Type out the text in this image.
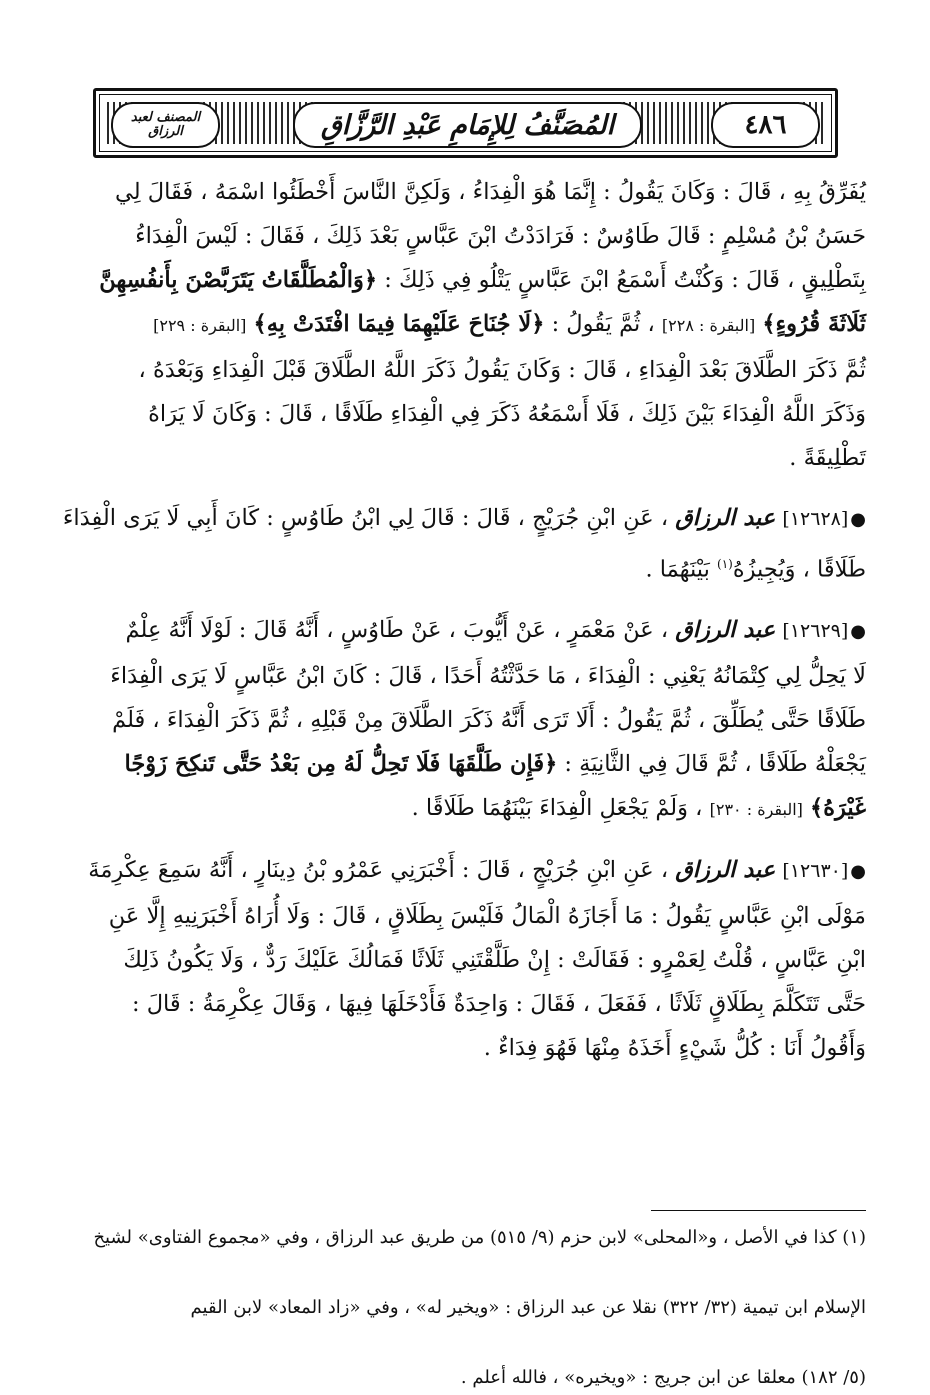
المصنف لعبد الرزاق	المُصَنَّفُ لِلإِمَامِ عَبْدِ الرَّزَّاقِ	٤٨٦
يُفَرِّقُ بِهِ ، قَالَ : وَكَانَ يَقُولُ : إِنَّمَا هُوَ الْفِدَاءُ ، وَلَكِنَّ النَّاسَ أَخْطَئُوا اسْمَهُ ، فَقَالَ لِي
حَسَنُ بْنُ مُسْلِمٍ : قَالَ طَاوُسٌ : فَرَادَدْتُ ابْنَ عَبَّاسٍ بَعْدَ ذَلِكَ ، فَقَالَ : لَيْسَ الْفِدَاءُ
بِتَطْلِيقٍ ، قَالَ : وَكُنْتُ أَسْمَعُ ابْنَ عَبَّاسٍ يَتْلُو فِي ذَلِكَ : ﴿وَالْمُطَلَّقَاتُ يَتَرَبَّصْنَ بِأَنفُسِهِنَّ
ثَلَاثَةَ قُرُوءٍ﴾ [البقرة : ٢٢٨] ، ثُمَّ يَقُولُ : ﴿لَا جُنَاحَ عَلَيْهِمَا فِيمَا افْتَدَتْ بِهِ﴾ [البقرة : ٢٢٩]
ثُمَّ ذَكَرَ الطَّلَاقَ بَعْدَ الْفِدَاءِ ، قَالَ : وَكَانَ يَقُولُ ذَكَرَ اللَّهُ الطَّلَاقَ قَبْلَ الْفِدَاءِ وَبَعْدَهُ ،
وَذَكَرَ اللَّهُ الْفِدَاءَ بَيْنَ ذَلِكَ ، فَلَا أَسْمَعُهُ ذَكَرَ فِي الْفِدَاءِ طَلَاقًا ، قَالَ : وَكَانَ لَا يَرَاهُ
تَطْلِيقَةً .
●[١٢٦٢٨] عبد الرزاق ، عَنِ ابْنِ جُرَيْجٍ ، قَالَ : قَالَ لِي ابْنُ طَاوُسٍ : كَانَ أَبِي لَا يَرَى الْفِدَاءَ
طَلَاقًا ، وَيُجِيزُهُ$^{(١)}$ بَيْنَهُمَا .
●[١٢٦٢٩] عبد الرزاق ، عَنْ مَعْمَرٍ ، عَنْ أَيُّوبَ ، عَنْ طَاوُسٍ ، أَنَّهُ قَالَ : لَوْلَا أَنَّهُ عِلْمٌ
لَا يَحِلُّ لِي كِتْمَانُهُ يَعْنِي : الْفِدَاءَ ، مَا حَدَّثْتُهُ أَحَدًا ، قَالَ : كَانَ ابْنُ عَبَّاسٍ لَا يَرَى الْفِدَاءَ
طَلَاقًا حَتَّى يُطَلِّقَ ، ثُمَّ يَقُولُ : أَلَا تَرَى أَنَّهُ ذَكَرَ الطَّلَاقَ مِنْ قَبْلِهِ ، ثُمَّ ذَكَرَ الْفِدَاءَ ، فَلَمْ
يَجْعَلْهُ طَلَاقًا ، ثُمَّ قَالَ فِي الثَّانِيَةِ : ﴿فَإِن طَلَّقَهَا فَلَا تَحِلُّ لَهُ مِن بَعْدُ حَتَّى تَنكِحَ زَوْجًا
غَيْرَهُ﴾ [البقرة : ٢٣٠] ، وَلَمْ يَجْعَلِ الْفِدَاءَ بَيْنَهُمَا طَلَاقًا .
●[١٢٦٣٠] عبد الرزاق ، عَنِ ابْنِ جُرَيْجٍ ، قَالَ : أَخْبَرَنِي عَمْرُو بْنُ دِينَارٍ ، أَنَّهُ سَمِعَ عِكْرِمَةَ
مَوْلَى ابْنِ عَبَّاسٍ يَقُولُ : مَا أَجَازَهُ الْمَالُ فَلَيْسَ بِطَلَاقٍ ، قَالَ : وَلَا أُرَاهُ أَخْبَرَنِيهِ إِلَّا عَنِ
ابْنِ عَبَّاسٍ ، قُلْتُ لِعَمْرٍو : فَقَالَتْ : إِنْ طَلَّقْتَنِي ثَلَاثًا فَمَالُكَ عَلَيْكَ رَدٌّ ، وَلَا يَكُونُ ذَلِكَ
حَتَّى تَتَكَلَّمَ بِطَلَاقٍ ثَلَاثًا ، فَفَعَلَ ، فَقَالَ : وَاحِدَةٌ فَأَدْخَلَهَا فِيهَا ، وَقَالَ عِكْرِمَةُ : قَالَ :
وَأَقُولُ أَنَا : كُلُّ شَيْءٍ أَخَذَهُ مِنْهَا فَهُوَ فِدَاءٌ .
(١) كذا في الأصل ، و«المحلى» لابن حزم (٩/ ٥١٥) من طريق عبد الرزاق ، وفي «مجموع الفتاوى» لشيخ

الإسلام ابن تيمية (٣٢/ ٣٢٢) نقلا عن عبد الرزاق : «ويخير له» ، وفي «زاد المعاد» لابن القيم

(٥/ ١٨٢) معلقا عن ابن جريج : «ويخيره» ، فالله أعلم .
